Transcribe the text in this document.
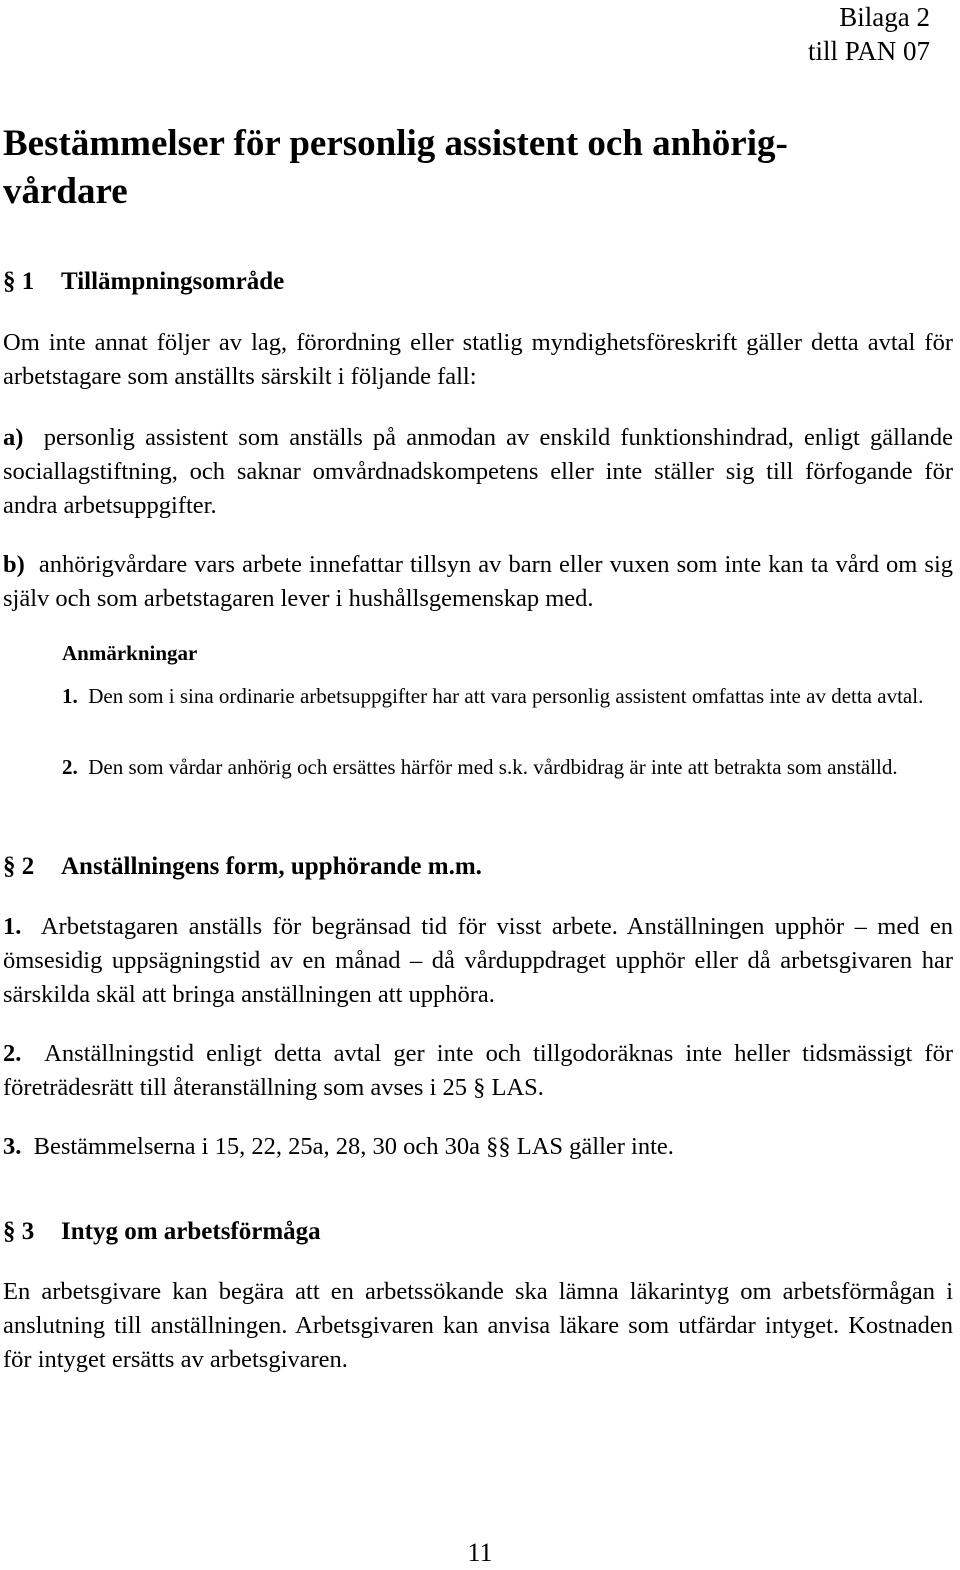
Bilaga 2
till PAN 07
Bestämmelser för personlig assistent och anhörig-
vårdare
§ 1 Tillämpningsområde

Om inte annat följer av lag, förordning eller statlig myndighetsföreskrift gäller detta avtal för arbetstagare som anställts särskilt i följande fall:

a) personlig assistent som anställs på anmodan av enskild funktionshindrad, enligt gällande sociallagstiftning, och saknar omvårdnadskompetens eller inte ställer sig till förfogande för andra arbetsuppgifter.

b) anhörigvårdare vars arbete innefattar tillsyn av barn eller vuxen som inte kan ta vård om sig själv och som arbetstagaren lever i hushållsgemenskap med.

Anmärkningar

1. Den som i sina ordinarie arbetsuppgifter har att vara personlig assistent omfattas inte av detta avtal.

2. Den som vårdar anhörig och ersättes härför med s.k. vårdbidrag är inte att betrakta som anställd.

§ 2 Anställningens form, upphörande m.m.

1. Arbetstagaren anställs för begränsad tid för visst arbete. Anställningen upphör – med en ömsesidig uppsägningstid av en månad – då vårduppdraget upphör eller då arbetsgivaren har särskilda skäl att bringa anställningen att upphöra.

2. Anställningstid enligt detta avtal ger inte och tillgodoräknas inte heller tidsmässigt för företrädesrätt till återanställning som avses i 25 § LAS.

3. Bestämmelserna i 15, 22, 25a, 28, 30 och 30a §§ LAS gäller inte.

§ 3 Intyg om arbetsförmåga

En arbetsgivare kan begära att en arbetssökande ska lämna läkarintyg om arbetsförmågan i anslutning till anställningen. Arbetsgivaren kan anvisa läkare som utfärdar intyget. Kostnaden för intyget ersätts av arbetsgivaren.

11
